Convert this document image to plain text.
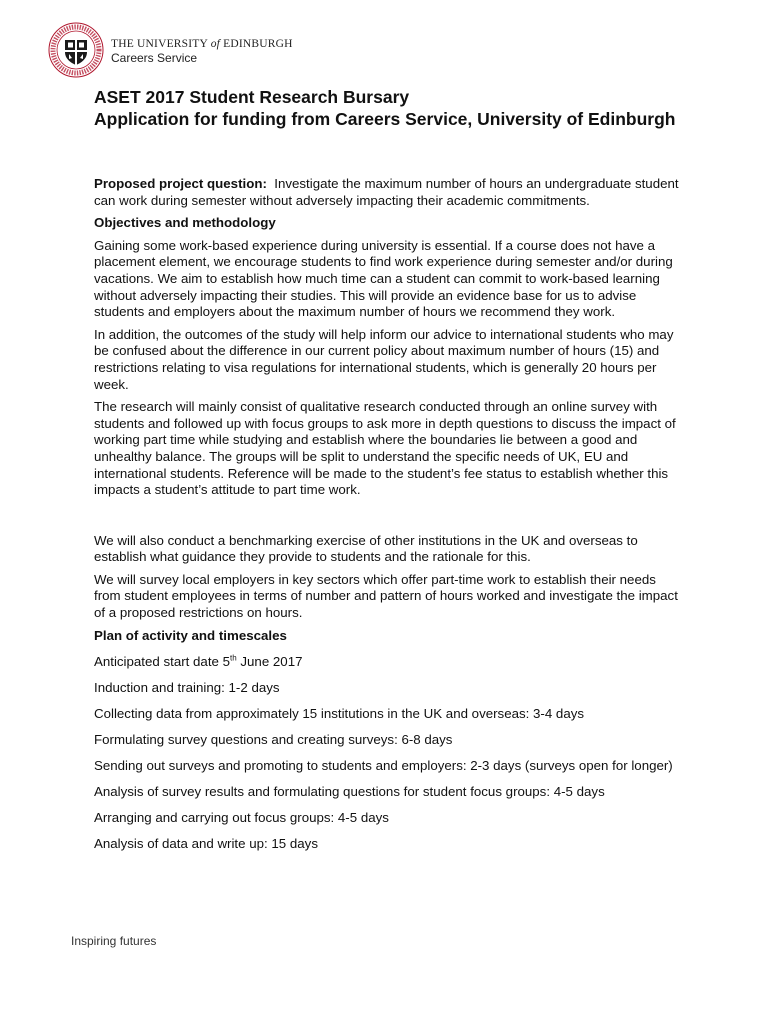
THE UNIVERSITY of EDINBURGH
Careers Service
ASET 2017 Student Research Bursary
Application for funding from Careers Service, University of Edinburgh

Proposed project question: Investigate the maximum number of hours an undergraduate student can work during semester without adversely impacting their academic commitments.

Objectives and methodology

Gaining some work-based experience during university is essential. If a course does not have a placement element, we encourage students to find work experience during semester and/or during vacations. We aim to establish how much time can a student can commit to work-based learning without adversely impacting their studies. This will provide an evidence base for us to advise students and employers about the maximum number of hours we recommend they work.

In addition, the outcomes of the study will help inform our advice to international students who may be confused about the difference in our current policy about maximum number of hours (15) and restrictions relating to visa regulations for international students, which is generally 20 hours per week.

The research will mainly consist of qualitative research conducted through an online survey with students and followed up with focus groups to ask more in depth questions to discuss the impact of working part time while studying and establish where the boundaries lie between a good and unhealthy balance. The groups will be split to understand the specific needs of UK, EU and international students. Reference will be made to the student’s fee status to establish whether this impacts a student’s attitude to part time work.

We will also conduct a benchmarking exercise of other institutions in the UK and overseas to establish what guidance they provide to students and the rationale for this.

We will survey local employers in key sectors which offer part-time work to establish their needs from student employees in terms of number and pattern of hours worked and investigate the impact of a proposed restrictions on hours.

Plan of activity and timescales

Anticipated start date 5th June 2017

Induction and training: 1-2 days

Collecting data from approximately 15 institutions in the UK and overseas: 3-4 days

Formulating survey questions and creating surveys: 6-8 days

Sending out surveys and promoting to students and employers: 2-3 days (surveys open for longer)

Analysis of survey results and formulating questions for student focus groups: 4-5 days

Arranging and carrying out focus groups: 4-5 days

Analysis of data and write up: 15 days

Inspiring futures
